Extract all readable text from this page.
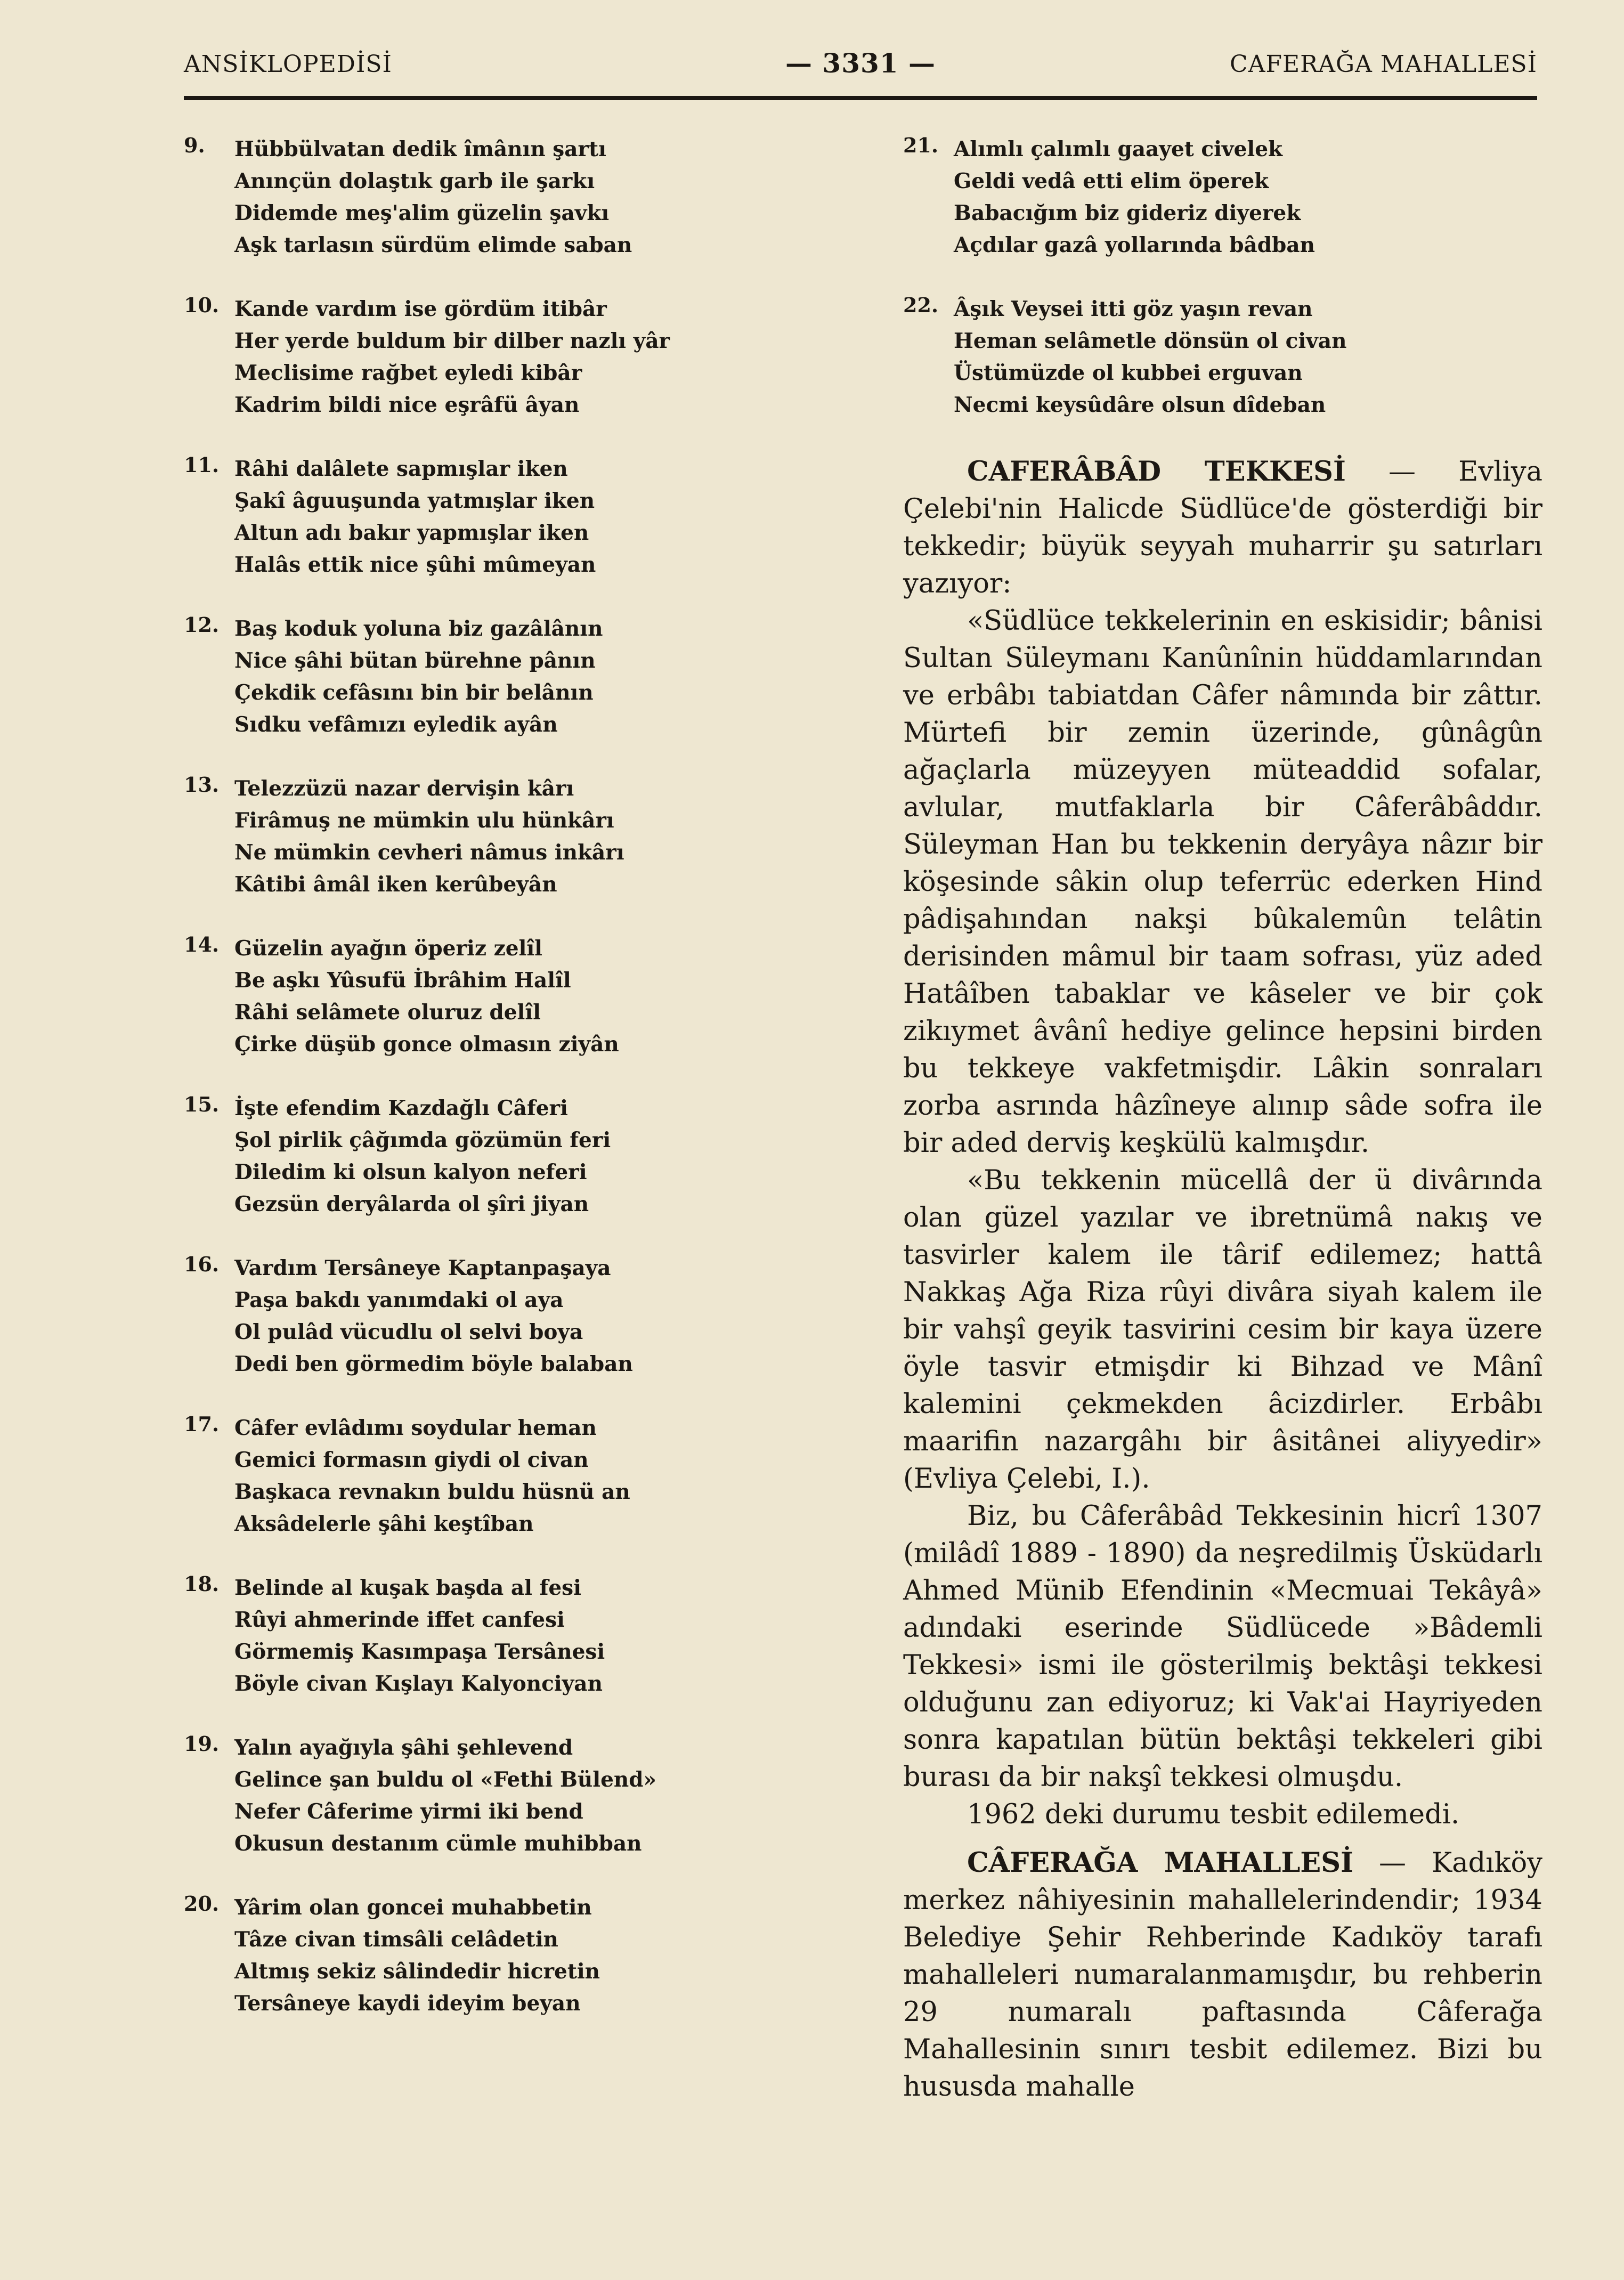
ANSİKLOPEDİSİ	— 3331 —	CAFERAĞA MAHALLESİ
9.	Hübbülvatan dedik îmânın şartı
Anınçün dolaştık garb ile şarkı
Didemde meş'alim güzelin şavkı
Aşk tarlasın sürdüm elimde saban
10. Kande vardım ise gördüm itibâr
Her yerde buldum bir dilber nazlı yâr
Meclisime rağbet eyledi kibâr
Kadrim bildi nice eşrâfü âyan
11. Râhi dalâlete sapmışlar iken
Şakî âguuşunda yatmışlar iken
Altun adı bakır yapmışlar iken
Halâs ettik nice şûhi mûmeyan
12. Baş koduk yoluna biz gazâlânın
Nice şâhi bütan bürehne pânın
Çekdik cefâsını bin bir belânın
Sıdku vefâmızı eyledik ayân
13. Telezzüzü nazar dervişin kârı
Firâmuş ne mümkin ulu hünkârı
Ne mümkin cevheri nâmus inkârı
Kâtibi âmâl iken kerûbeyân
14. Güzelin ayağın öperiz zelîl
Be aşkı Yûsufü İbrâhim Halîl
Râhi selâmete oluruz delîl
Çirke düşüb gonce olmasın ziyân
15. İşte efendim Kazdağlı Câferi
Şol pirlik çâğımda gözümün feri
Diledim ki olsun kalyon neferi
Gezsün deryâlarda ol şîri jiyan
16. Vardım Tersâneye Kaptanpaşaya
Paşa bakdı yanımdaki ol aya
Ol pulâd vücudlu ol selvi boya
Dedi ben görmedim böyle balaban
17. Câfer evlâdımı soydular heman
Gemici formasın giydi ol civan
Başkaca revnakın buldu hüsnü an
Aksâdelerle şâhi keştîban
18. Belinde al kuşak başda al fesi
Rûyi ahmerinde iffet canfesi
Görmemiş Kasımpaşa Tersânesi
Böyle civan Kışlayı Kalyonciyan
19. Yalın ayağıyla şâhi şehlevend
Gelince şan buldu ol «Fethi Bülend»
Nefer Câferime yirmi iki bend
Okusun destanım cümle muhibban
20. Yârim olan goncei muhabbetin
Tâze civan timsâli celâdetin
Altmış sekiz sâlindedir hicretin
Tersâneye kaydi ideyim beyan
21. Alımlı çalımlı gaayet civelek
Geldi vedâ etti elim öperek
Babacığım biz gideriz diyerek
Açdılar gazâ yollarında bâdban
22. Âşık Veysei itti göz yaşın revan
Heman selâmetle dönsün ol civan
Üstümüzde ol kubbei erguvan
Necmi keysûdâre olsun dîdeban

CAFERÂBÂD TEKKESİ — Evliya Çelebi'nin Halicde Südlüce'de gösterdiği bir tekkedir; büyük seyyah muharrir şu satırları yazıyor:

«Südlüce tekkelerinin en eskisidir; bânisi Sultan Süleymanı Kanûnînin hüddamlarından ve erbâbı tabiatdan Câfer nâmında bir zâttır. Mürtefi bir zemin üzerinde, gûnâgûn ağaçlarla müzeyyen müteaddid sofalar, avlular, mutfaklarla bir Câferâbâddır. Süleyman Han bu tekkenin deryâya nâzır bir köşesinde sâkin olup teferrüc ederken Hind pâdişahından nakşi bûkalemûn telâtin derisinden mâmul bir taam sofrası, yüz aded Hatâîben tabaklar ve kâseler ve bir çok zikıymet âvânî hediye gelince hepsini birden bu tekkeye vakfetmişdir. Lâkin sonraları zorba asrında hâzîneye alınıp sâde sofra ile bir aded derviş keşkülü kalmışdır.

«Bu tekkenin mücellâ der ü divârında olan güzel yazılar ve ibretnümâ nakış ve tasvirler kalem ile târif edilemez; hattâ Nakkaş Ağa Riza rûyi divâra siyah kalem ile bir vahşî geyik tasvirini cesim bir kaya üzere öyle tasvir etmişdir ki Bihzad ve Mânî kalemini çekmekden âcizdirler. Erbâbı maarifin nazargâhı bir âsitânei aliyyedir» (Evliya Çelebi, I.).

Biz, bu Câferâbâd Tekkesinin hicrî 1307 (milâdî 1889 - 1890) da neşredilmiş Üsküdarlı Ahmed Münib Efendinin «Mecmuai Tekâyâ» adındaki eserinde Südlücede »Bâdemli Tekkesi» ismi ile gösterilmiş bektâşi tekkesi olduğunu zan ediyoruz; ki Vak'ai Hayriyeden sonra kapatılan bütün bektâşi tekkeleri gibi burası da bir nakşî tekkesi olmuşdu.

1962 deki durumu tesbit edilemedi.

CÂFERAĞA MAHALLESİ — Kadıköy merkez nâhiyesinin mahallelerindendir; 1934 Belediye Şehir Rehberinde Kadıköy tarafı mahalleleri numaralanmamışdır, bu rehberin 29 numaralı paftasında Câferağa Mahallesinin sınırı tesbit edilemez. Bizi bu hususda mahalle
